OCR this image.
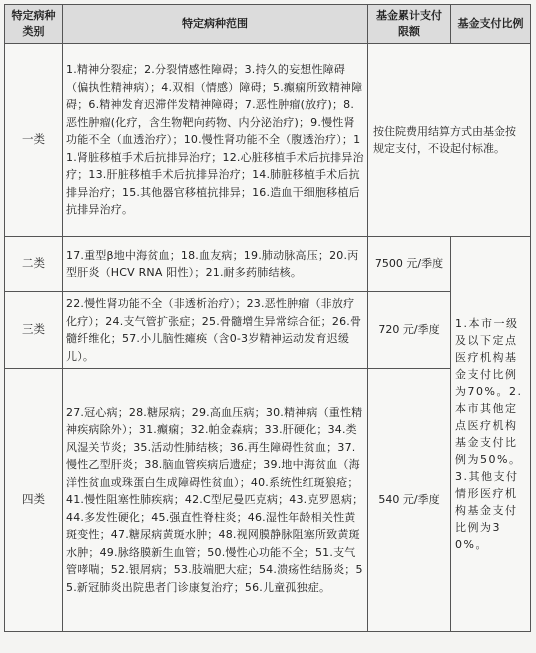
特定病种类别	特定病种范围	基金累计支付限额	基金支付比例
一类	1.精神分裂症；2.分裂情感性障碍；3.持久的妄想性障碍（偏执性精神病）；4.双相（情感）障碍；5.癫痫所致精神障碍；6.精神发育迟滞伴发精神障碍；7.恶性肿瘤(放疗)；8.恶性肿瘤(化疗，含生物靶向药物、内分泌治疗)；9.慢性肾功能不全（血透治疗）；10.慢性肾功能不全（腹透治疗）；11.肾脏移植手术后抗排异治疗；12.心脏移植手术后抗排异治疗；13.肝脏移植手术后抗排异治疗；14.肺脏移植手术后抗排异治疗；15.其他器官移植抗排异；16.造血干细胞移植后抗排异治疗。	按住院费用结算方式由基金按规定支付，不设起付标准。	
二类	17.重型β地中海贫血；18.血友病；19.肺动脉高压；20.丙型肝炎（HCV RNA 阳性）；21.耐多药肺结核。	7500 元/季度	1.本市一级及以下定点医疗机构基金支付比例为70%。2.本市其他定点医疗机构基金支付比例为50%。3.其他支付情形医疗机构基金支付比例为30%。
三类	22.慢性肾功能不全（非透析治疗）；23.恶性肿瘤（非放疗化疗）；24.支气管扩张症；25.骨髓增生异常综合征；26.骨髓纤维化；57.小儿脑性瘫痪（含0-3岁精神运动发育迟缓儿）。	720 元/季度	
四类	27.冠心病；28.糖尿病；29.高血压病；30.精神病（重性精神疾病除外）；31.癫痫；32.帕金森病；33.肝硬化；34.类风湿关节炎；35.活动性肺结核；36.再生障碍性贫血；37.慢性乙型肝炎；38.脑血管疾病后遗症；39.地中海贫血（海洋性贫血或珠蛋白生成障碍性贫血）；40.系统性红斑狼疮；41.慢性阻塞性肺疾病；42.C型尼曼匹克病；43.克罗恩病；44.多发性硬化；45.强直性脊柱炎；46.湿性年龄相关性黄斑变性；47.糖尿病黄斑水肿；48.视网膜静脉阻塞所致黄斑水肿；49.脉络膜新生血管；50.慢性心功能不全；51.支气管哮喘；52.银屑病；53.肢端肥大症；54.溃疡性结肠炎；55.新冠肺炎出院患者门诊康复治疗；56.儿童孤独症。	540 元/季度	
